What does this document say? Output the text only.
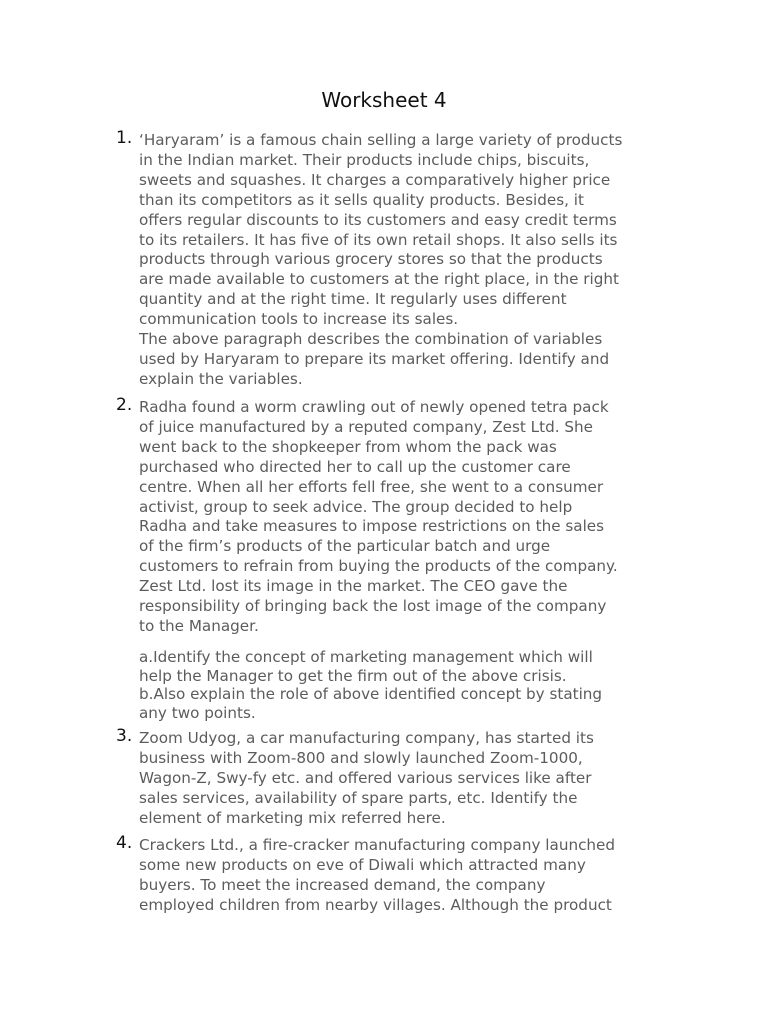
Worksheet 4
1. ‘Haryaram’ is a famous chain selling a large variety of products
in the Indian market. Their products include chips, biscuits,
sweets and squashes. It charges a comparatively higher price
than its competitors as it sells quality products. Besides, it
offers regular discounts to its customers and easy credit terms
to its retailers. It has five of its own retail shops. It also sells its
products through various grocery stores so that the products
are made available to customers at the right place, in the right
quantity and at the right time. It regularly uses different
communication tools to increase its sales.
The above paragraph describes the combination of variables
used by Haryaram to prepare its market offering. Identify and
explain the variables.

2. Radha found a worm crawling out of newly opened tetra pack
of juice manufactured by a reputed company, Zest Ltd. She
went back to the shopkeeper from whom the pack was
purchased who directed her to call up the customer care
centre. When all her efforts fell free, she went to a consumer
activist, group to seek advice. The group decided to help
Radha and take measures to impose restrictions on the sales
of the firm’s products of the particular batch and urge
customers to refrain from buying the products of the company.
Zest Ltd. lost its image in the market. The CEO gave the
responsibility of bringing back the lost image of the company
to the Manager.

a.Identify the concept of marketing management which will
help the Manager to get the firm out of the above crisis.
b.Also explain the role of above identified concept by stating
any two points.

3. Zoom Udyog, a car manufacturing company, has started its
business with Zoom-800 and slowly launched Zoom-1000,
Wagon-Z, Swy-fy etc. and offered various services like after
sales services, availability of spare parts, etc. Identify the
element of marketing mix referred here.

4. Crackers Ltd., a fire-cracker manufacturing company launched
some new products on eve of Diwali which attracted many
buyers. To meet the increased demand, the company
employed children from nearby villages. Although the product
